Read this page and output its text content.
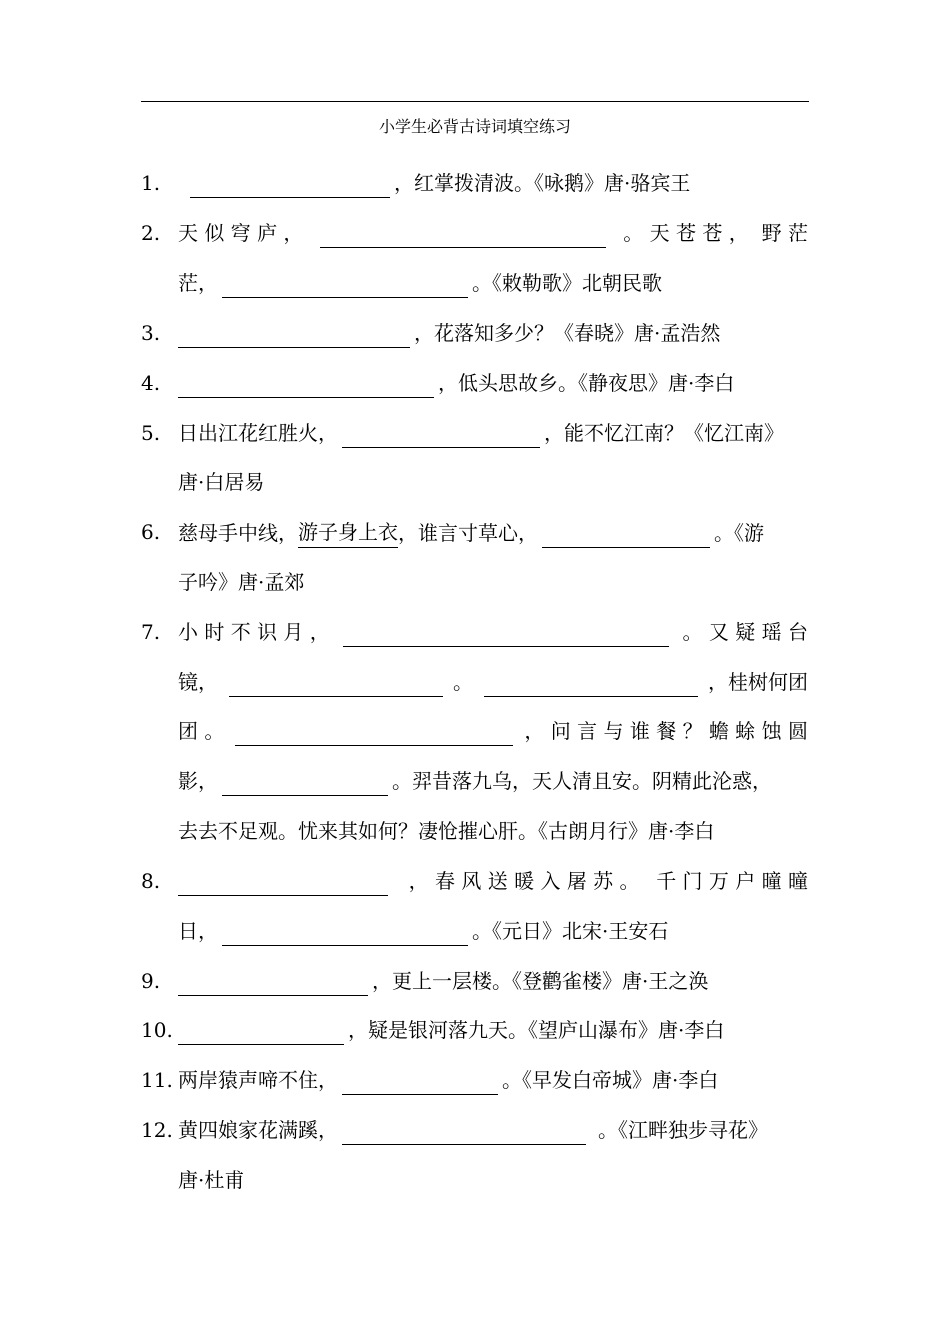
小学生必背古诗词填空练习
1.	，红掌拨清波。《咏鹅》唐·骆宾王
2. 天 似 穹 庐 ，	。 天 苍 苍 ， 野 茫
茫，	。《敕勒歌》北朝民歌
3.	，花落知多少？《春晓》唐·孟浩然
4.	，低头思故乡。《静夜思》唐·李白
5. 日出江花红胜火，	，能不忆江南？《忆江南》
唐·白居易
6. 慈母手中线， 游子身上衣 ，谁言寸草心，	。《游
子吟》唐·孟郊
7. 小 时 不 识 月 ，	。 又 疑 瑶 台
镜，	。	，桂树何团
团 。	， 问 言 与 谁 餐 ？ 蟾 蜍 蚀 圆
影，	。羿昔落九乌，天人清且安。阴精此沦惑，
去去不足观。忧来其如何？凄怆摧心肝。《古朗月行》唐·李白
8.	， 春 风 送 暖 入 屠 苏 。 千 门 万 户 曈 曈
日，	。《元日》北宋·王安石
9.	，更上一层楼。《登鹳雀楼》唐·王之涣
10.	，疑是银河落九天。《望庐山瀑布》唐·李白
11. 两岸猿声啼不住，	。《早发白帝城》唐·李白
12. 黄四娘家花满蹊，	。《江畔独步寻花》
唐·杜甫
